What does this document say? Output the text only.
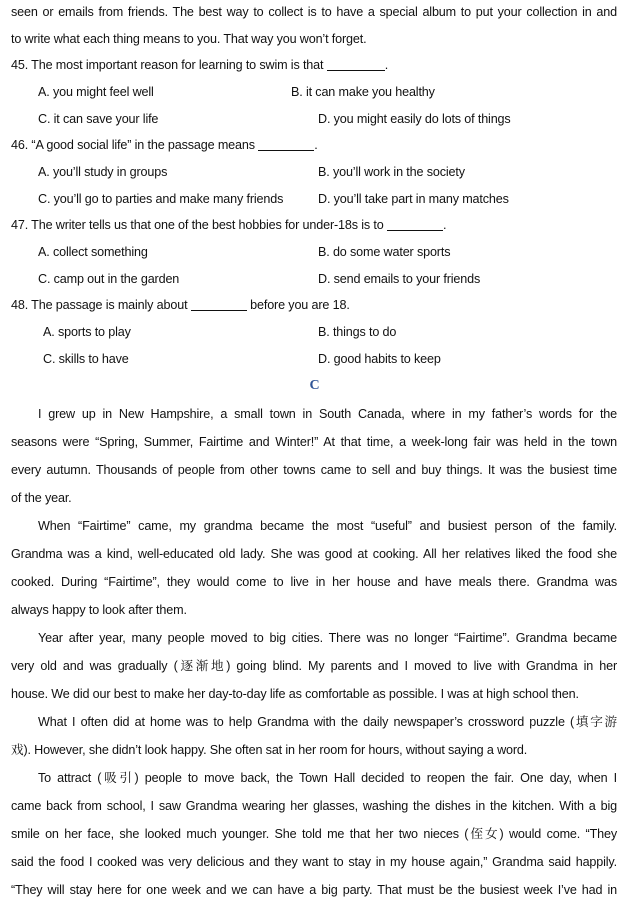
seen or emails from friends. The best way to collect is to have a special album to put your collection in and
to write what each thing means to you. That way you won’t forget.
45. The most important reason for learning to swim is that	.
A. you might feel well	B. it can make you healthy
C. it can save your life	D. you might easily do lots of things
46. “A good social life” in the passage means	.
A. you’ll study in groups	B. you’ll work in the society
C. you’ll go to parties and make many friends	D. you’ll take part in many matches
47. The writer tells us that one of the best hobbies for under-18s is to	.
A. collect something	B. do some water sports
C. camp out in the garden	D. send emails to your friends
48. The passage is mainly about	before you are 18.
A. sports to play	B. things to do
C. skills to have	D. good habits to keep
C
I grew up in New Hampshire, a small town in South Canada, where in my father’s words for the
seasons were “Spring, Summer, Fairtime and Winter!” At that time, a week-long fair was held in the town
every autumn. Thousands of people from other towns came to sell and buy things. It was the busiest time
of the year.
When “Fairtime” came, my grandma became the most “useful” and busiest person of the family.
Grandma was a kind, well-educated old lady. She was good at cooking. All her relatives liked the food she
cooked. During “Fairtime”, they would come to live in her house and have meals there. Grandma was
always happy to look after them.
Year after year, many people moved to big cities. There was no longer “Fairtime”. Grandma became
very old and was gradually (逐渐地) going blind. My parents and I moved to live with Grandma in her
house. We did our best to make her day-to-day life as comfortable as possible. I was at high school then.
What I often did at home was to help Grandma with the daily newspaper’s crossword puzzle (填字游
戏). However, she didn’t look happy. She often sat in her room for hours, without saying a word.
To attract (吸引) people to move back, the Town Hall decided to reopen the fair. One day, when I
came back from school, I saw Grandma wearing her glasses, washing the dishes in the kitchen. With a big
smile on her face, she looked much younger. She told me that her two nieces (侄女) would come. “They
said the food I cooked was very delicious and they want to stay in my house again,” Grandma said happily.
“They will stay here for one week and we can have a big party. That must be the busiest week I’ve had in
